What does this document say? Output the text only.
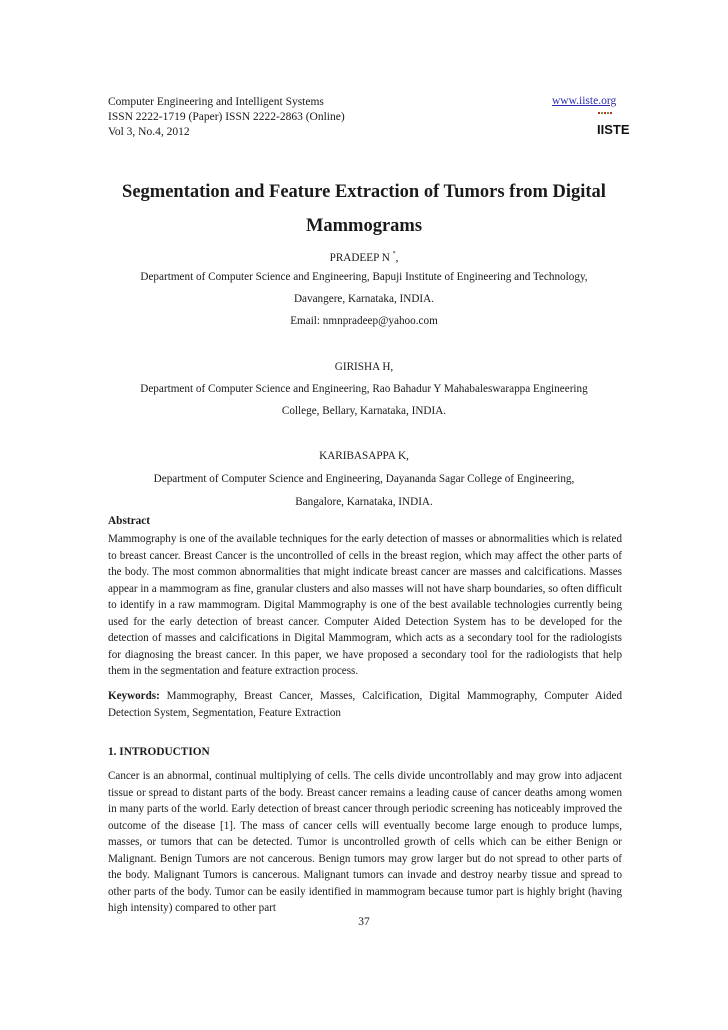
Computer Engineering and Intelligent Systems	www.iiste.org
ISSN 2222-1719 (Paper) ISSN 2222-2863 (Online)
Vol 3, No.4, 2012	IISTE
Segmentation and Feature Extraction of Tumors from Digital
Mammograms
PRADEEP N *,
Department of Computer Science and Engineering, Bapuji Institute of Engineering and Technology,
Davangere, Karnataka, INDIA.
Email: nmnpradeep@yahoo.com
GIRISHA H,
Department of Computer Science and Engineering, Rao Bahadur Y Mahabaleswarappa Engineering
College, Bellary, Karnataka, INDIA.
KARIBASAPPA K,
Department of Computer Science and Engineering, Dayananda Sagar College of Engineering,
Bangalore, Karnataka, INDIA.
Abstract
Mammography is one of the available techniques for the early detection of masses or abnormalities which is related to breast cancer. Breast Cancer is the uncontrolled of cells in the breast region, which may affect the other parts of the body. The most common abnormalities that might indicate breast cancer are masses and calcifications. Masses appear in a mammogram as fine, granular clusters and also masses will not have sharp boundaries, so often difficult to identify in a raw mammogram. Digital Mammography is one of the best available technologies currently being used for the early detection of breast cancer. Computer Aided Detection System has to be developed for the detection of masses and calcifications in Digital Mammogram, which acts as a secondary tool for the radiologists for diagnosing the breast cancer. In this paper, we have proposed a secondary tool for the radiologists that help them in the segmentation and feature extraction process.
Keywords: Mammography, Breast Cancer, Masses, Calcification, Digital Mammography, Computer Aided Detection System, Segmentation, Feature Extraction
1. INTRODUCTION
Cancer is an abnormal, continual multiplying of cells. The cells divide uncontrollably and may grow into adjacent tissue or spread to distant parts of the body. Breast cancer remains a leading cause of cancer deaths among women in many parts of the world. Early detection of breast cancer through periodic screening has noticeably improved the outcome of the disease [1]. The mass of cancer cells will eventually become large enough to produce lumps, masses, or tumors that can be detected. Tumor is uncontrolled growth of cells which can be either Benign or Malignant. Benign Tumors are not cancerous. Benign tumors may grow larger but do not spread to other parts of the body. Malignant Tumors is cancerous. Malignant tumors can invade and destroy nearby tissue and spread to other parts of the body. Tumor can be easily identified in mammogram because tumor part is highly bright (having high intensity) compared to other part
37
